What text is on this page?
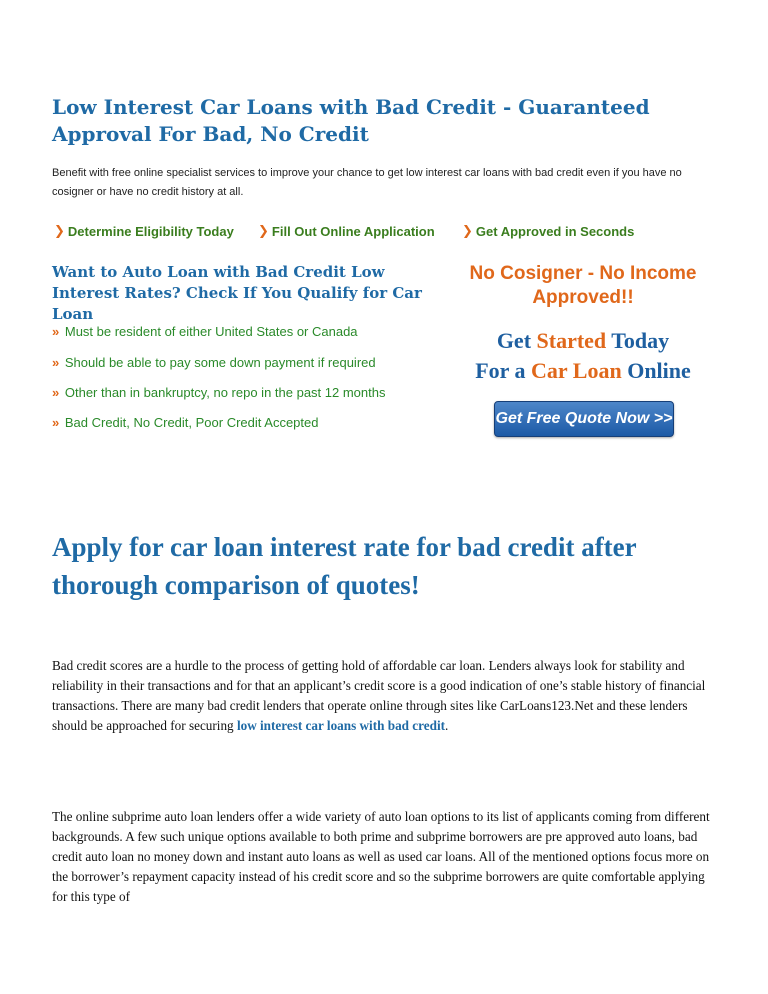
Low Interest Car Loans with Bad Credit - Guaranteed Approval For Bad, No Credit
Benefit with free online specialist services to improve your chance to get low interest car loans with bad credit even if you have no cosigner or have no credit history at all.
❯ Determine Eligibility Today ❯ Fill Out Online Application ❯ Get Approved in Seconds
Want to Auto Loan with Bad Credit Low Interest Rates? Check If You Qualify for Car Loan
» Must be resident of either United States or Canada
» Should be able to pay some down payment if required
» Other than in bankruptcy, no repo in the past 12 months
» Bad Credit, No Credit, Poor Credit Accepted
No Cosigner - No Income Approved!!
Get Started Today
For a Car Loan Online
Get Free Quote Now >>
Apply for car loan interest rate for bad credit after thorough comparison of quotes!
Bad credit scores are a hurdle to the process of getting hold of affordable car loan. Lenders always look for stability and reliability in their transactions and for that an applicant’s credit score is a good indication of one’s stable history of financial transactions. There are many bad credit lenders that operate online through sites like CarLoans123.Net and these lenders should be approached for securing low interest car loans with bad credit.
The online subprime auto loan lenders offer a wide variety of auto loan options to its list of applicants coming from different backgrounds. A few such unique options available to both prime and subprime borrowers are pre approved auto loans, bad credit auto loan no money down and instant auto loans as well as used car loans. All of the mentioned options focus more on the borrower’s repayment capacity instead of his credit score and so the subprime borrowers are quite comfortable applying for this type of
